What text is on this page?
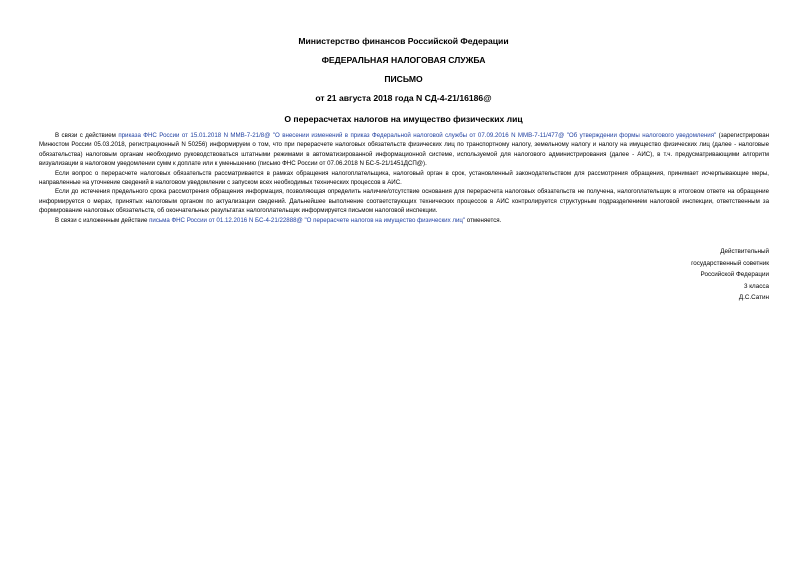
Министерство финансов Российской Федерации
ФЕДЕРАЛЬНАЯ НАЛОГОВАЯ СЛУЖБА
ПИСЬМО
от 21 августа 2018 года N СД-4-21/16186@
О перерасчетах налогов на имущество физических лиц

В связи с действием приказа ФНС России от 15.01.2018 N ММВ-7-21/8@ "О внесении изменений в приказ Федеральной налоговой службы от 07.09.2016 N ММВ-7-11/477@ "Об утверждении формы налогового уведомления" (зарегистрирован Минюстом России 05.03.2018, регистрационный N 50256) информируем о том, что при перерасчете налоговых обязательств физических лиц по транспортному налогу, земельному налогу и налогу на имущество физических лиц (далее - налоговые обязательства) налоговым органам необходимо руководствоваться штатными режимами в автоматизированной информационной системе, используемой для налогового администрирования (далее - АИС), в т.ч. предусматривающими алгоритм визуализации в налоговом уведомлении сумм к доплате или к уменьшению (письмо ФНС России от 07.06.2018 N БС-5-21/1451ДСП@).

Если вопрос о перерасчете налоговых обязательств рассматривается в рамках обращения налогоплательщика, налоговый орган в срок, установленный законодательством для рассмотрения обращения, принимает исчерпывающие меры, направленные на уточнение сведений в налоговом уведомлении с запуском всех необходимых технических процессов в АИС.

Если до истечения предельного срока рассмотрения обращения информация, позволяющая определить наличие/отсутствие основания для перерасчета налоговых обязательств не получена, налогоплательщик в итоговом ответе на обращение информируется о мерах, принятых налоговым органом по актуализации сведений. Дальнейшее выполнение соответствующих технических процессов в АИС контролируется структурным подразделением налоговой инспекции, ответственным за формирование налоговых обязательств, об окончательных результатах налогоплательщик информируется письмом налоговой инспекции.

В связи с изложенным действие письма ФНС России от 01.12.2016 N БС-4-21/22888@ "О перерасчете налогов на имущество физических лиц" отменяется.

Действительный
государственный советник
Российской Федерации
3 класса
Д.С.Сатин
